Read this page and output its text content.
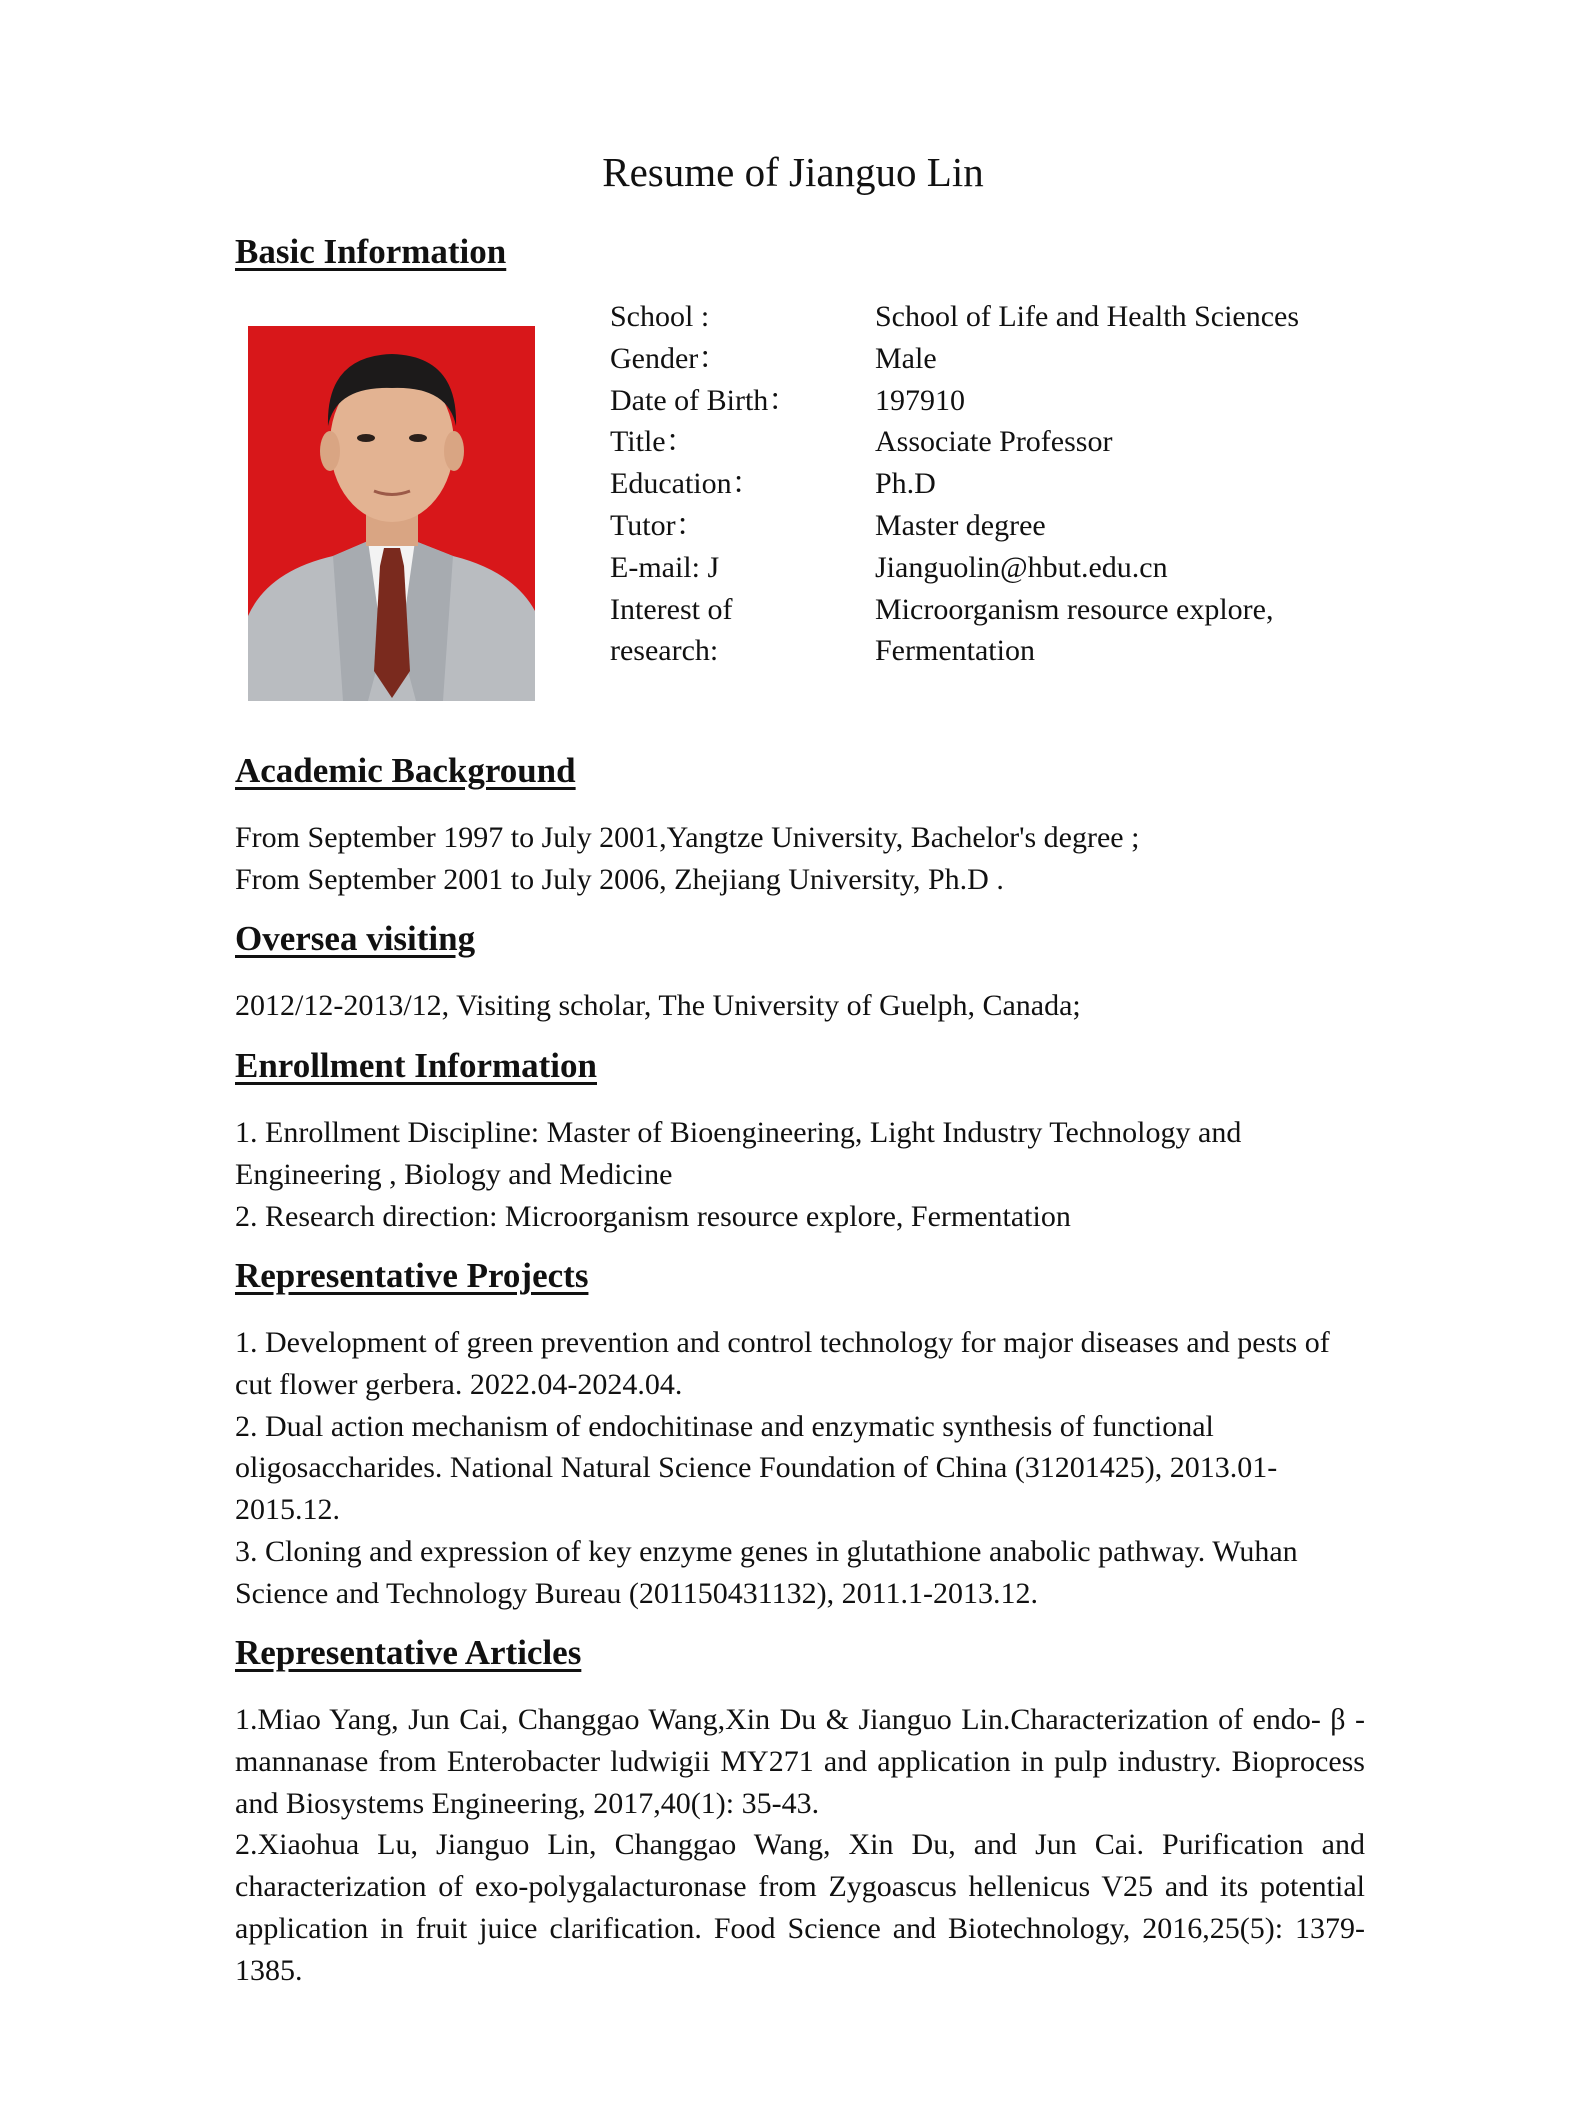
Resume of Jianguo Lin
Basic Information
School :	School of Life and Health Sciences
Gender：	Male
Date of Birth：	197910
Title：	Associate Professor
Education：	Ph.D
Tutor：	Master degree
E-mail: J	Jianguolin@hbut.edu.cn
Interest of	Microorganism resource explore,
research:	Fermentation
Academic Background

From September 1997 to July 2001,Yangtze University, Bachelor's degree ;

From September 2001 to July 2006, Zhejiang University, Ph.D .

Oversea visiting

2012/12-2013/12, Visiting scholar, The University of Guelph, Canada;

Enrollment Information

1. Enrollment Discipline: Master of Bioengineering, Light Industry Technology and Engineering , Biology and Medicine

2. Research direction: Microorganism resource explore, Fermentation

Representative Projects

1. Development of green prevention and control technology for major diseases and pests of cut flower gerbera. 2022.04-2024.04.

2. Dual action mechanism of endochitinase and enzymatic synthesis of functional oligosaccharides. National Natural Science Foundation of China (31201425), 2013.01-2015.12.

3. Cloning and expression of key enzyme genes in glutathione anabolic pathway. Wuhan Science and Technology Bureau (201150431132), 2011.1-2013.12.

Representative Articles

1.Miao Yang, Jun Cai, Changgao Wang,Xin Du & Jianguo Lin.Characterization of endo- β -mannanase from Enterobacter ludwigii MY271 and application in pulp industry. Bioprocess and Biosystems Engineering, 2017,40(1): 35-43.

2.Xiaohua Lu, Jianguo Lin, Changgao Wang, Xin Du, and Jun Cai. Purification and characterization of exo-polygalacturonase from Zygoascus hellenicus V25 and its potential application in fruit juice clarification. Food Science and Biotechnology, 2016,25(5): 1379-1385.
